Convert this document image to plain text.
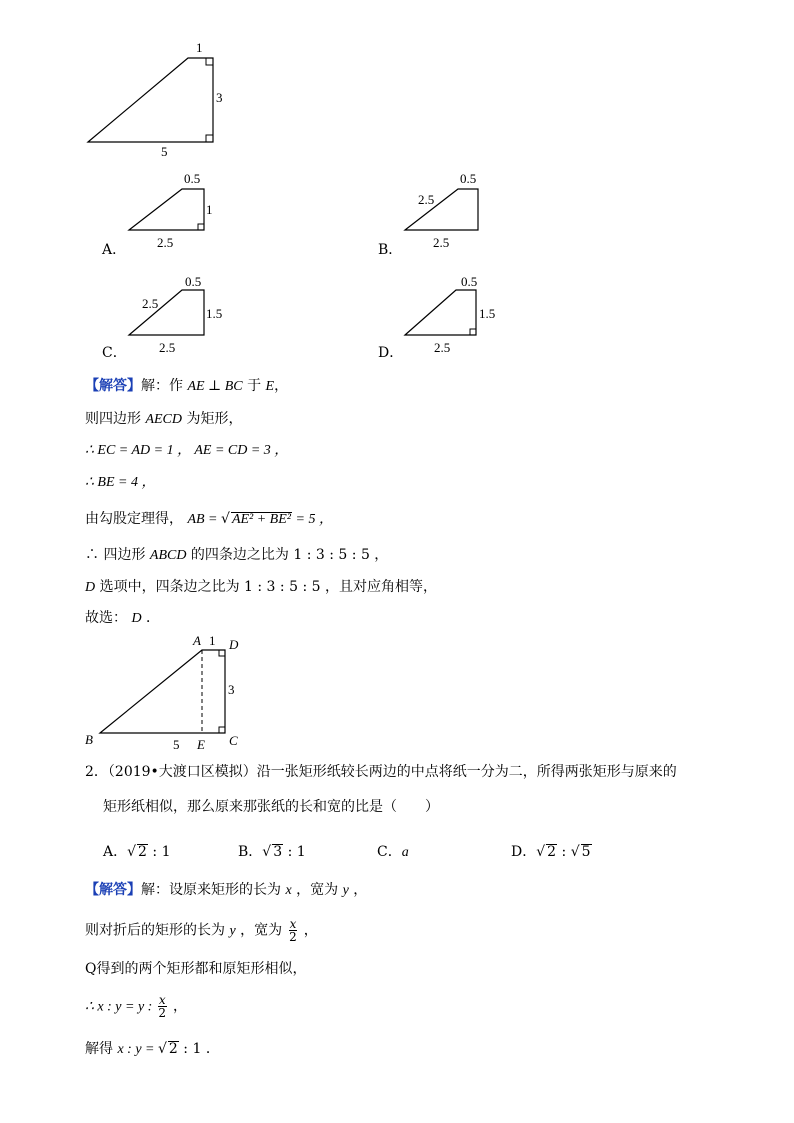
1
3
5
A．
0.5
1
2.5	B．
0.5
2.5
2.5
C．
0.5
2.5
1.5
2.5	D．
0.5
1.5
2.5
【解答】解：作 AE ⊥ BC 于 E，
则四边形 AECD 为矩形，
∴ EC = AD = 1 ， AE = CD = 3 ，
∴ BE = 4 ，
由勾股定理得， AB = √ AE² + BE² = 5 ，
∴ 四边形 ABCD 的四条边之比为 1 : 3 : 5 : 5 ，
D 选项中，四条边之比为 1 : 3 : 5 : 5 ，且对应角相等，
故选： D ．
A 1 D
3
B	5 E C
2．（2019•大渡口区模拟）沿一张矩形纸较长两边的中点将纸一分为二，所得两张矩形与原来的
矩形纸相似，那么原来那张纸的长和宽的比是（　　）
A．√ 2 : 1	B．√ 3 : 1	C．a	D．√ 2 : √ 5
【解答】解：设原来矩形的长为 x ，宽为 y ，
则对折后的矩形的长为 y ，宽为 $\frac{x}{2}$ ，
Q得到的两个矩形都和原矩形相似，
∴ x : y = y : $\frac{x}{2}$ ，
解得 x : y = √ 2 : 1 ．
